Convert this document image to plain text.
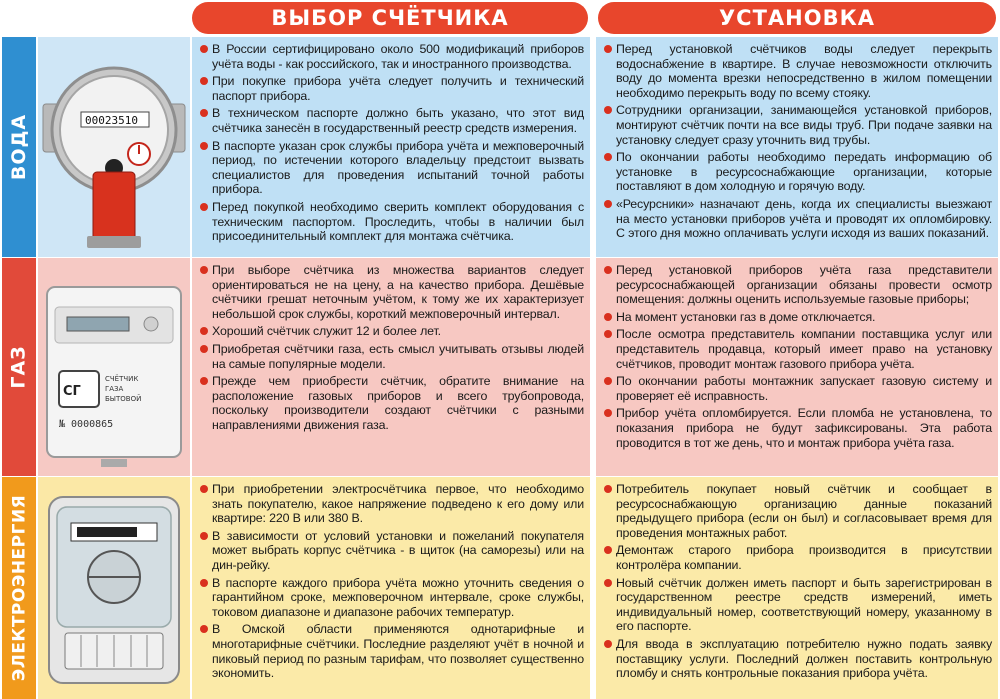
ВЫБОР СЧЁТЧИКА	УСТАНОВКА
ВОДА	00023510
В России сертифицировано около 500 модификаций приборов учёта воды - как российского, так и иностранного производства.
При покупке прибора учёта следует получить и технический паспорт прибора.
В техническом паспорте должно быть указано, что этот вид счётчика занесён в государственный реестр средств измерения.
В паспорте указан срок службы прибора учёта и межповерочный период, по истечении которого владельцу предстоит вызвать специалистов для проведения испытаний точной работы прибора.
Перед покупкой необходимо сверить комплект оборудования с техническим паспортом. Проследить, чтобы в наличии был присоединительный комплект для монтажа счётчика.
Перед установкой счётчиков воды следует перекрыть водоснабжение в квартире. В случае невозможности отключить воду до момента врезки непосредственно в жилом помещении необходимо перекрыть воду по всему стояку.
Сотрудники организации, занимающейся установкой приборов, монтируют счётчик почти на все виды труб. При подаче заявки на установку следует сразу уточнить вид трубы.
По окончании работы необходимо передать информацию об установке в ресурсоснабжающие организации, которые поставляют в дом холодную и горячую воду.
«Ресурсники» назначают день, когда их специалисты выезжают на место установки приборов учёта и проводят их опломбировку. С этого дня можно оплачивать услуги исходя из ваших показаний.
ГАЗ
СГ
СЧЁТЧИК
ГАЗА
БЫТОВОЙ
№ 0000865
При выборе счётчика из множества вариантов следует ориентироваться не на цену, а на качество прибора. Дешёвые счётчики грешат неточным учётом, к тому же их характеризует небольшой срок службы, короткий межповерочный интервал.
Хороший счётчик служит 12 и более лет.
Приобретая счётчики газа, есть смысл учитывать отзывы людей на самые популярные модели.
Прежде чем приобрести счётчик, обратите внимание на расположение газовых приборов и всего трубопровода, поскольку производители создают счётчики с разными направлениями движения газа.
Перед установкой приборов учёта газа представители ресурсоснабжающей организации обязаны провести осмотр помещения: должны оценить используемые газовые приборы;
На момент установки газ в доме отключается.
После осмотра представитель компании поставщика услуг или представитель продавца, который имеет право на установку счётчиков, проводит монтаж газового прибора учёта.
По окончании работы монтажник запускает газовую систему и проверяет её исправность.
Прибор учёта опломбируется. Если пломба не установлена, то показания прибора не будут зафиксированы. Эта работа проводится в тот же день, что и монтаж прибора учёта газа.
ЭЛЕКТРОЭНЕРГИЯ
При приобретении электросчётчика первое, что необходимо знать покупателю, какое напряжение подведено к его дому или квартире: 220 В или 380 В.
В зависимости от условий установки и пожеланий покупателя может выбрать корпус счётчика - в щиток (на саморезы) или на дин-рейку.
В паспорте каждого прибора учёта можно уточнить сведения о гарантийном сроке, межповерочном интервале, сроке службы, токовом диапазоне и диапазоне рабочих температур.
В Омской области применяются однотарифные и многотарифные счётчики. Последние разделяют учёт в ночной и пиковый период по разным тарифам, что позволяет существенно экономить.
Потребитель покупает новый счётчик и сообщает в ресурсоснабжающую организацию данные показаний предыдущего прибора (если он был) и согласовывает время для проведения монтажных работ.
Демонтаж старого прибора производится в присутствии контролёра компании.
Новый счётчик должен иметь паспорт и быть зарегистрирован в государственном реестре средств измерений, иметь индивидуальный номер, соответствующий номеру, указанному в его паспорте.
Для ввода в эксплуатацию потребителю нужно подать заявку поставщику услуги. Последний должен поставить контрольную пломбу и снять контрольные показания прибора учёта.
